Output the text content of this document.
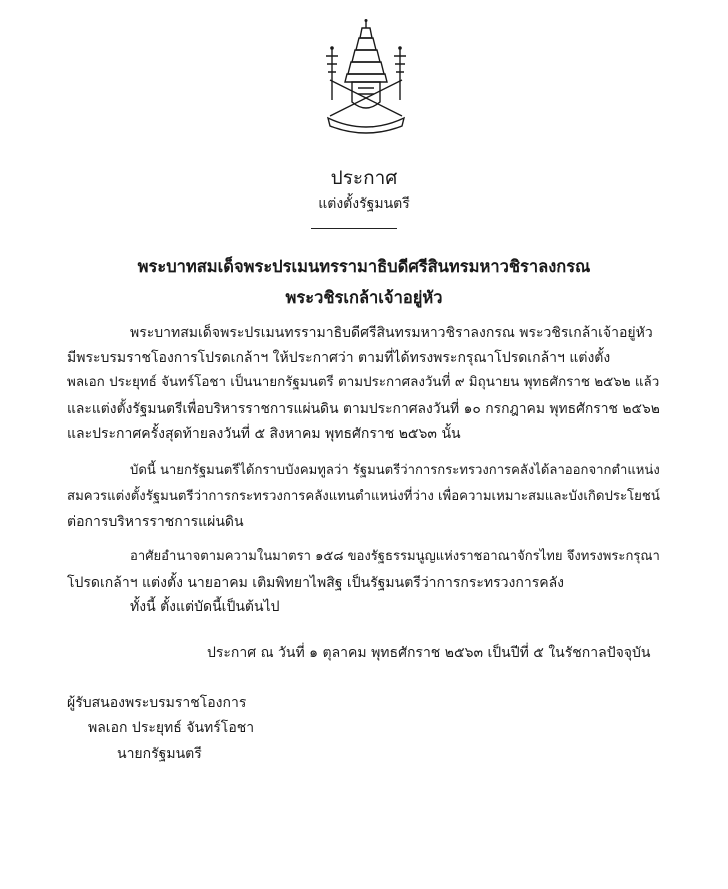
ประกาศ
แต่งตั้งรัฐมนตรี
พระบาทสมเด็จพระปรเมนทรรามาธิบดีศรีสินทรมหาวชิราลงกรณ
พระวชิรเกล้าเจ้าอยู่หัว
พระบาทสมเด็จพระปรเมนทรรามาธิบดีศรีสินทรมหาวชิราลงกรณ พระวชิรเกล้าเจ้าอยู่หัว
มีพระบรมราชโองการโปรดเกล้าฯ ให้ประกาศว่า ตามที่ได้ทรงพระกรุณาโปรดเกล้าฯ แต่งตั้ง
พลเอก ประยุทธ์ จันทร์โอชา เป็นนายกรัฐมนตรี ตามประกาศลงวันที่ ๙ มิถุนายน พุทธศักราช ๒๕๖๒ แล้ว
และแต่งตั้งรัฐมนตรีเพื่อบริหารราชการแผ่นดิน ตามประกาศลงวันที่ ๑๐ กรกฎาคม พุทธศักราช ๒๕๖๒
และประกาศครั้งสุดท้ายลงวันที่ ๕ สิงหาคม พุทธศักราช ๒๕๖๓ นั้น
บัดนี้ นายกรัฐมนตรีได้กราบบังคมทูลว่า รัฐมนตรีว่าการกระทรวงการคลังได้ลาออกจากตำแหน่ง
สมควรแต่งตั้งรัฐมนตรีว่าการกระทรวงการคลังแทนตำแหน่งที่ว่าง เพื่อความเหมาะสมและบังเกิดประโยชน์
ต่อการบริหารราชการแผ่นดิน
อาศัยอำนาจตามความในมาตรา ๑๕๘ ของรัฐธรรมนูญแห่งราชอาณาจักรไทย จึงทรงพระกรุณา
โปรดเกล้าฯ แต่งตั้ง นายอาคม เติมพิทยาไพสิฐ เป็นรัฐมนตรีว่าการกระทรวงการคลัง
ทั้งนี้ ตั้งแต่บัดนี้เป็นต้นไป
ประกาศ ณ วันที่ ๑ ตุลาคม พุทธศักราช ๒๕๖๓ เป็นปีที่ ๕ ในรัชกาลปัจจุบัน
ผู้รับสนองพระบรมราชโองการ
พลเอก ประยุทธ์ จันทร์โอชา
นายกรัฐมนตรี
